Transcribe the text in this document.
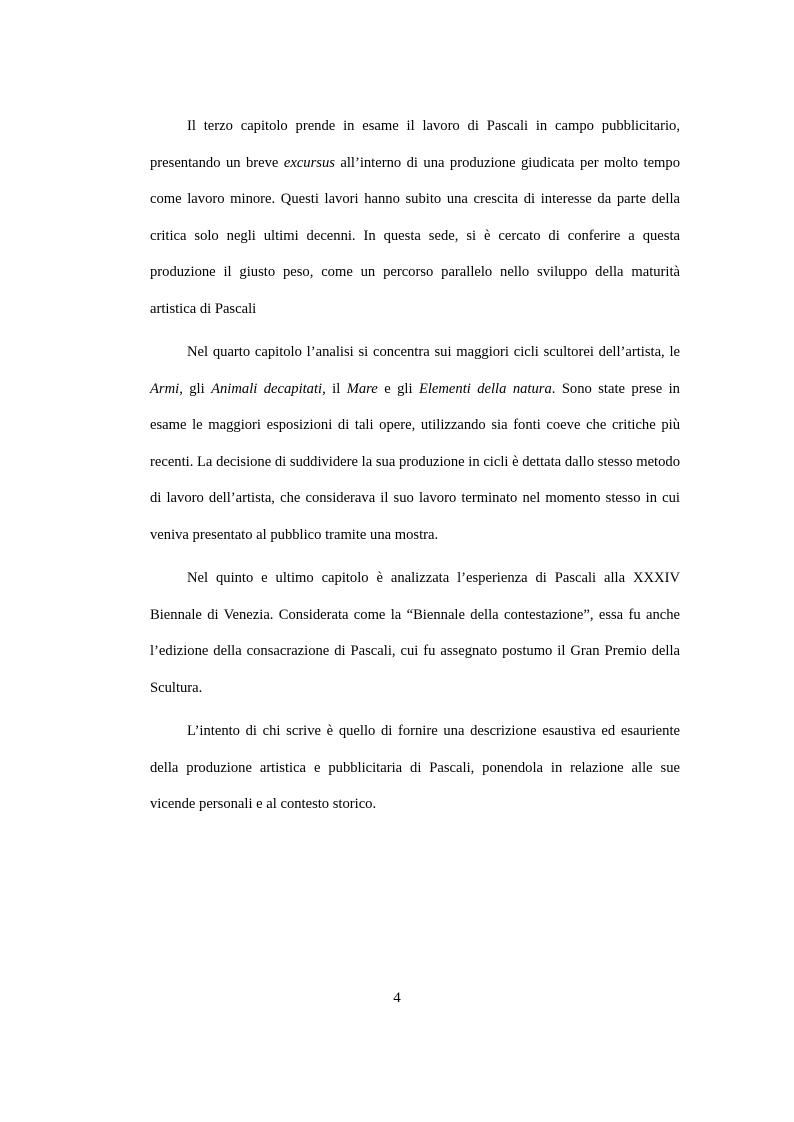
Il terzo capitolo prende in esame il lavoro di Pascali in campo pubblicitario, presentando un breve excursus all’interno di una produzione giudicata per molto tempo come lavoro minore. Questi lavori hanno subito una crescita di interesse da parte della critica solo negli ultimi decenni. In questa sede, si è cercato di conferire a questa produzione il giusto peso, come un percorso parallelo nello sviluppo della maturità artistica di Pascali

Nel quarto capitolo l’analisi si concentra sui maggiori cicli scultorei dell’artista, le Armi, gli Animali decapitati, il Mare e gli Elementi della natura. Sono state prese in esame le maggiori esposizioni di tali opere, utilizzando sia fonti coeve che critiche più recenti. La decisione di suddividere la sua produzione in cicli è dettata dallo stesso metodo di lavoro dell’artista, che considerava il suo lavoro terminato nel momento stesso in cui veniva presentato al pubblico tramite una mostra.

Nel quinto e ultimo capitolo è analizzata l’esperienza di Pascali alla XXXIV Biennale di Venezia. Considerata come la “Biennale della contestazione”, essa fu anche l’edizione della consacrazione di Pascali, cui fu assegnato postumo il Gran Premio della Scultura.

L’intento di chi scrive è quello di fornire una descrizione esaustiva ed esauriente della produzione artistica e pubblicitaria di Pascali, ponendola in relazione alle sue vicende personali e al contesto storico.

4
